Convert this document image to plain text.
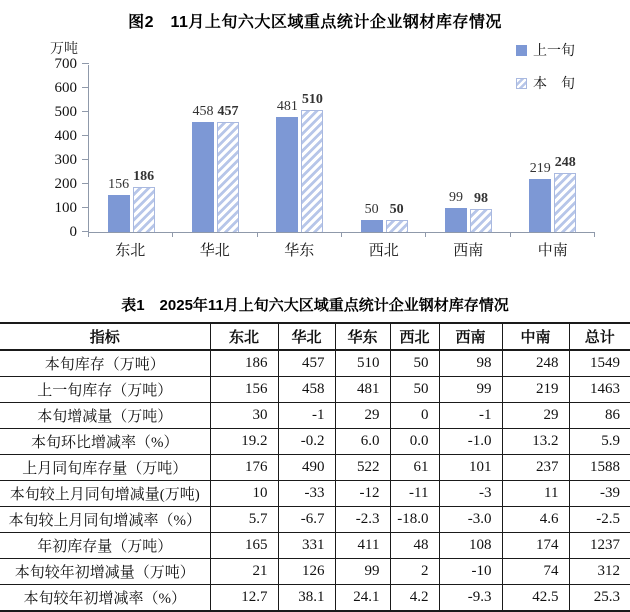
图2　11月上旬六大区域重点统计企业钢材库存情况
万吨	上一旬
本　旬
0
100
200
300
400
500
600
700
156 186
458 457	481 510
50 50
99 98
219 248
东北	华北	华东	西北	西南	中南
表1　2025年11月上旬六大区域重点统计企业钢材库存情况
指标	东北	华北	华东	西北	西南	中南	总计
本旬库存（万吨）	186	457	510	50	98	248	1549
上一旬库存（万吨）	156	458	481	50	99	219	1463
本旬增减量（万吨）	30	-1	29	0	-1	29	86
本旬环比增减率（%）	19.2	-0.2	6.0	0.0	-1.0	13.2	5.9
上月同旬库存量（万吨）	176	490	522	61	101	237	1588
本旬较上月同旬增减量(万吨)	10	-33	-12	-11	-3	11	-39
本旬较上月同旬增减率（%）	5.7	-6.7	-2.3	-18.0	-3.0	4.6	-2.5
年初库存量（万吨）	165	331	411	48	108	174	1237
本旬较年初增减量（万吨）	21	126	99	2	-10	74	312
本旬较年初增减率（%）	12.7	38.1	24.1	4.2	-9.3	42.5	25.3
